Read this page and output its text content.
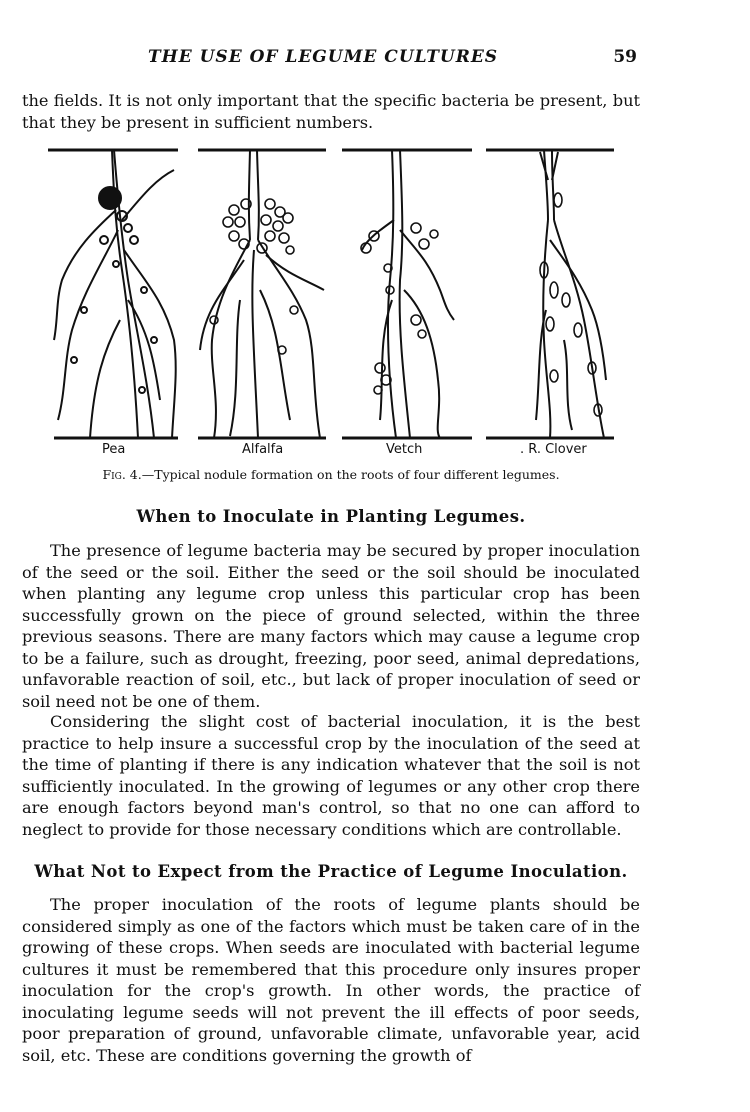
THE USE OF LEGUME CULTURES	59

the fields. It is not only important that the specific bacteria be present, but that they be present in sufficient numbers.

Pea	Alfalfa	Vetch	. R. Clover
Fig. 4.—Typical nodule formation on the roots of four different legumes.
When to Inoculate in Planting Legumes.

The presence of legume bacteria may be secured by proper inoculation of the seed or the soil. Either the seed or the soil should be inoculated when planting any legume crop unless this particular crop has been successfully grown on the piece of ground selected, within the three previous seasons. There are many factors which may cause a legume crop to be a failure, such as drought, freezing, poor seed, animal depredations, unfavorable reaction of soil, etc., but lack of proper inoculation of seed or soil need not be one of them.

Considering the slight cost of bacterial inoculation, it is the best practice to help insure a successful crop by the inoculation of the seed at the time of planting if there is any indication whatever that the soil is not sufficiently inoculated. In the growing of legumes or any other crop there are enough factors beyond man's control, so that no one can afford to neglect to provide for those necessary conditions which are controllable.

What Not to Expect from the Practice of Legume Inoculation.

The proper inoculation of the roots of legume plants should be considered simply as one of the factors which must be taken care of in the growing of these crops. When seeds are inoculated with bacterial legume cultures it must be remembered that this procedure only insures proper inoculation for the crop's growth. In other words, the practice of inoculating legume seeds will not prevent the ill effects of poor seeds, poor preparation of ground, unfavorable climate, unfavorable year, acid soil, etc. These are conditions governing the growth of
